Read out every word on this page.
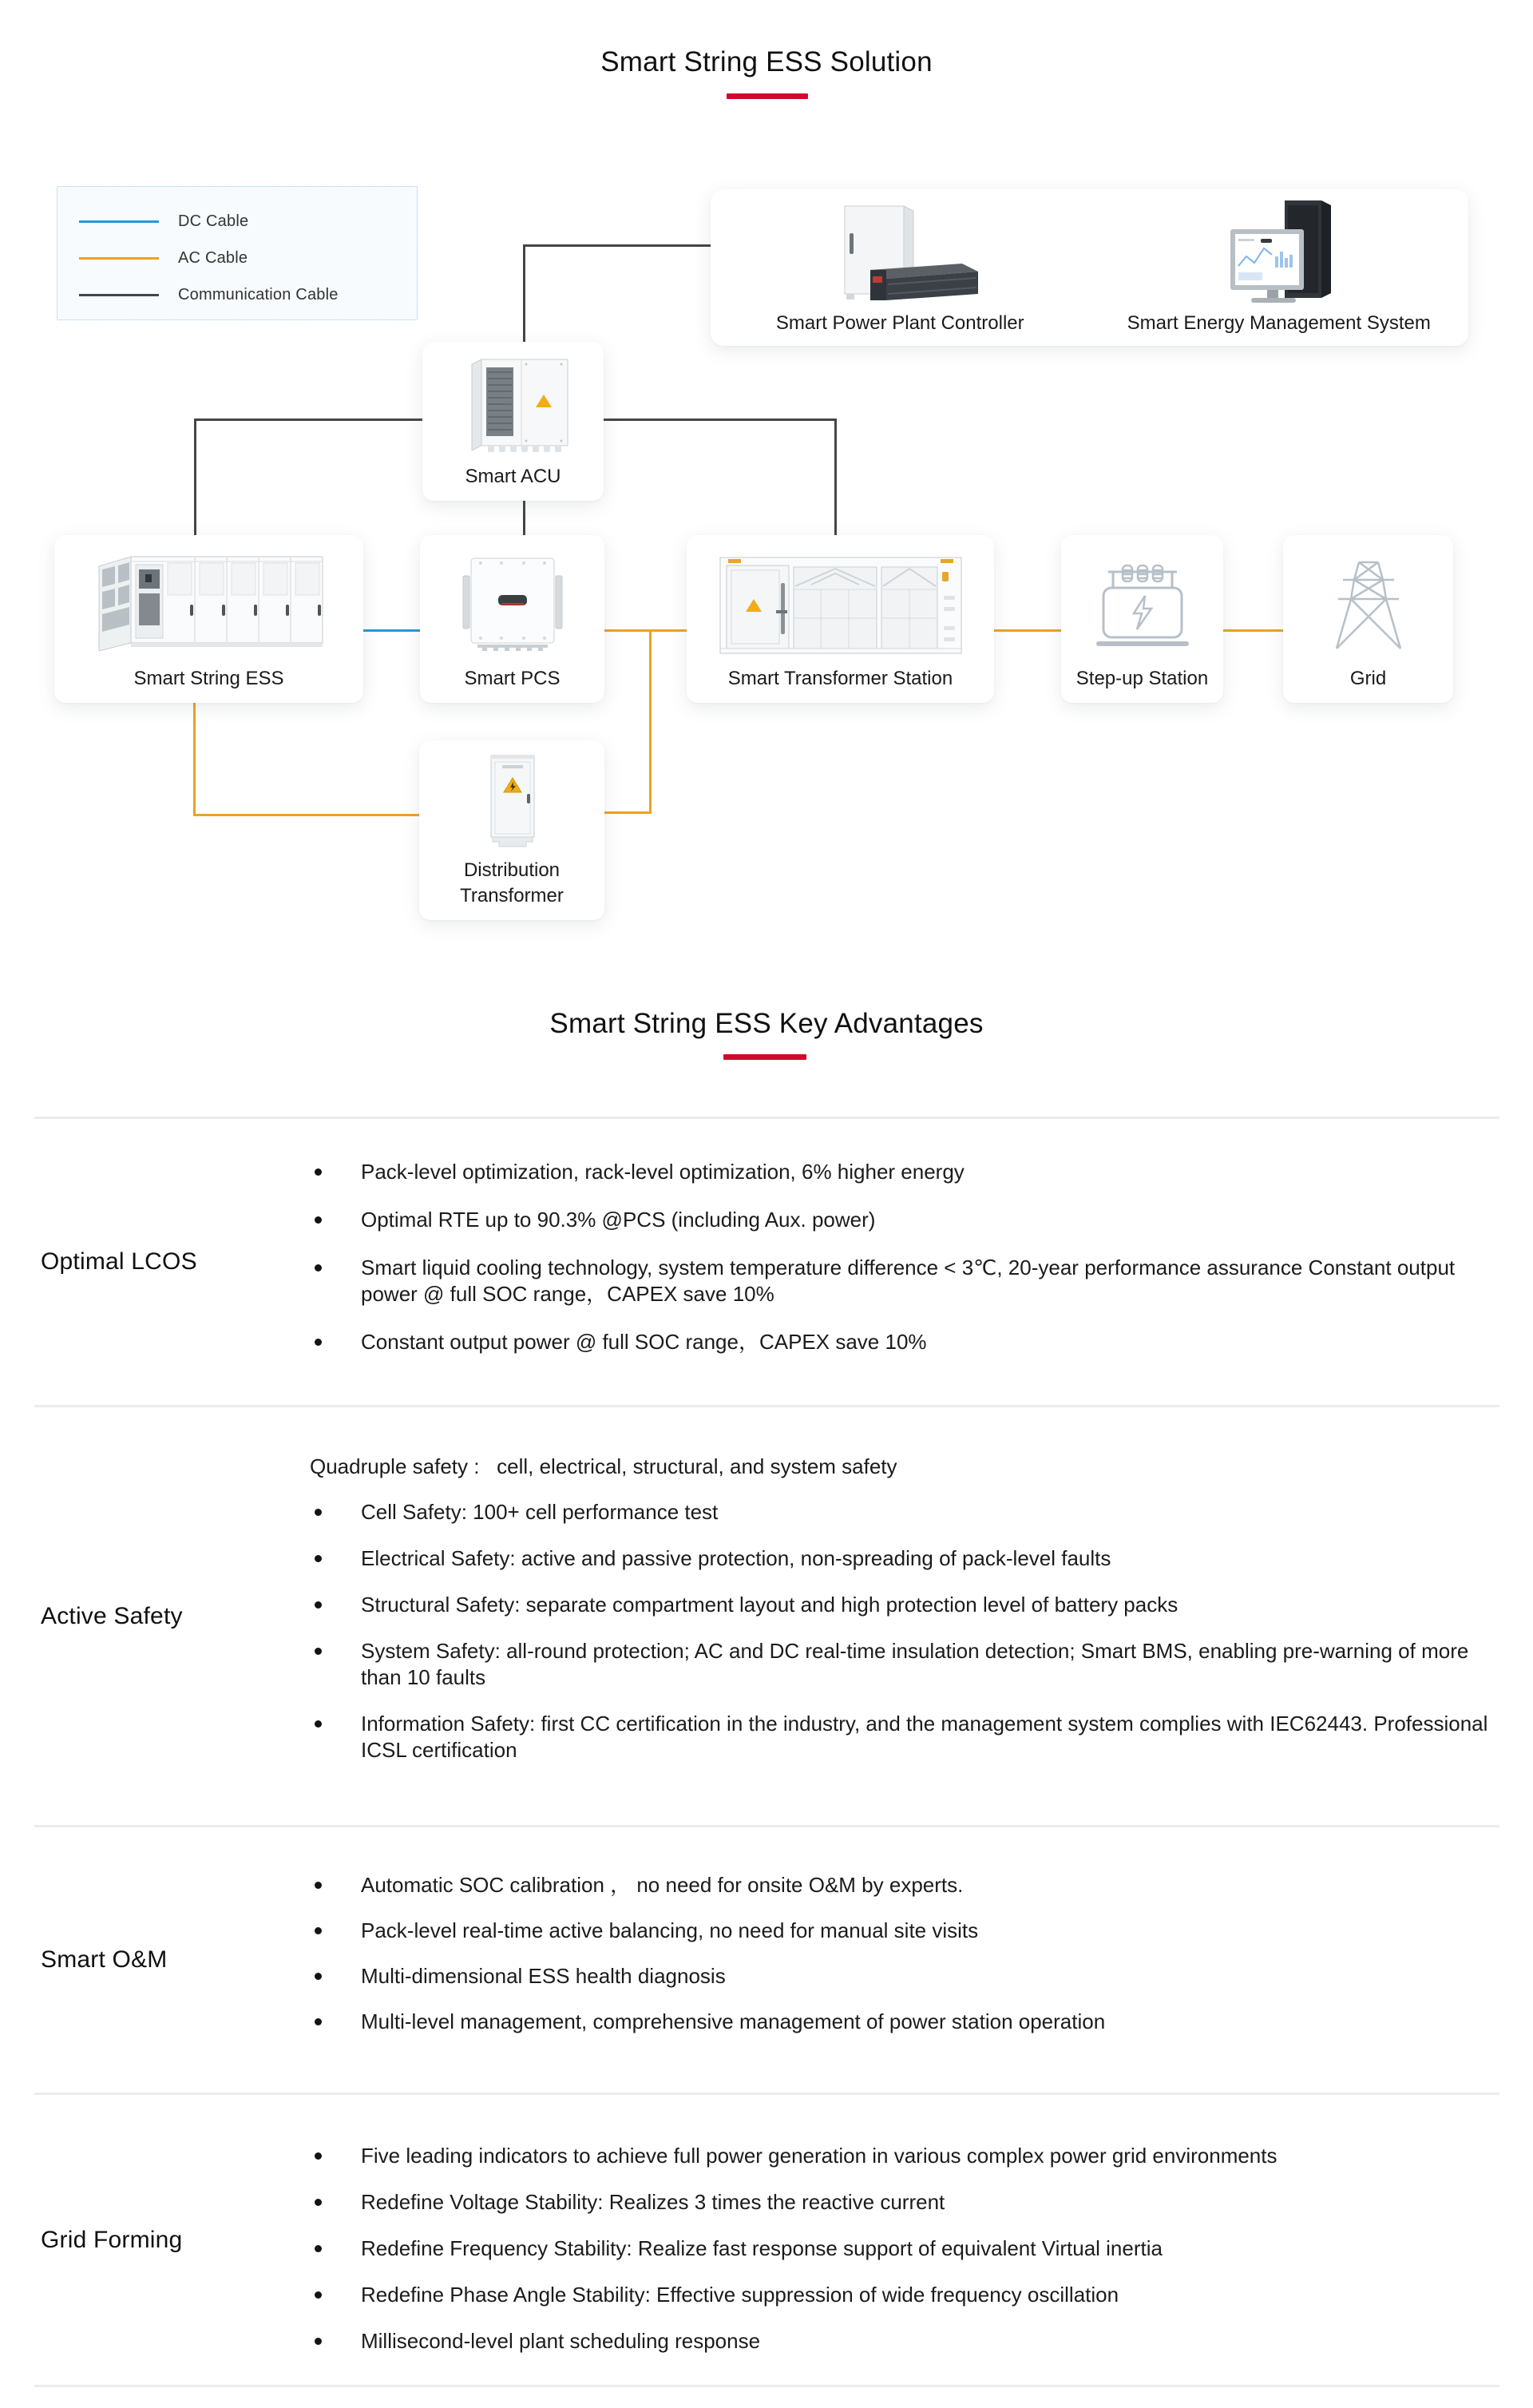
Smart String ESS Solution
DC Cable
AC Cable
Communication Cable
Smart Power Plant Controller	Smart Energy Management System
Smart ACU
Smart String ESS	Smart PCS	Smart Transformer Station	Step-up Station	Grid
Distribution
Transformer
Smart String ESS Key Advantages
Optimal LCOS
Pack-level optimization, rack-level optimization, 6% higher energy
Optimal RTE up to 90.3% @PCS (including Aux. power)
Smart liquid cooling technology, system temperature difference < 3℃, 20-year performance assurance Constant output power @ full SOC range，CAPEX save 10%
Constant output power @ full SOC range，CAPEX save 10%
Active Safety

Quadruple safety :   cell, electrical, structural, and system safety

Cell Safety: 100+ cell performance test
Electrical Safety: active and passive protection, non-spreading of pack-level faults
Structural Safety: separate compartment layout and high protection level of battery packs
System Safety: all-round protection; AC and DC real-time insulation detection; Smart BMS, enabling pre-warning of more than 10 faults
Information Safety: first CC certification in the industry, and the management system complies with IEC62443. Professional ICSL certification
Smart O&M
Automatic SOC calibration ， no need for onsite O&M by experts.
Pack-level real-time active balancing, no need for manual site visits
Multi-dimensional ESS health diagnosis
Multi-level management, comprehensive management of power station operation
Grid Forming
Five leading indicators to achieve full power generation in various complex power grid environments
Redefine Voltage Stability: Realizes 3 times the reactive current
Redefine Frequency Stability: Realize fast response support of equivalent Virtual inertia
Redefine Phase Angle Stability: Effective suppression of wide frequency oscillation
Millisecond-level plant scheduling response
